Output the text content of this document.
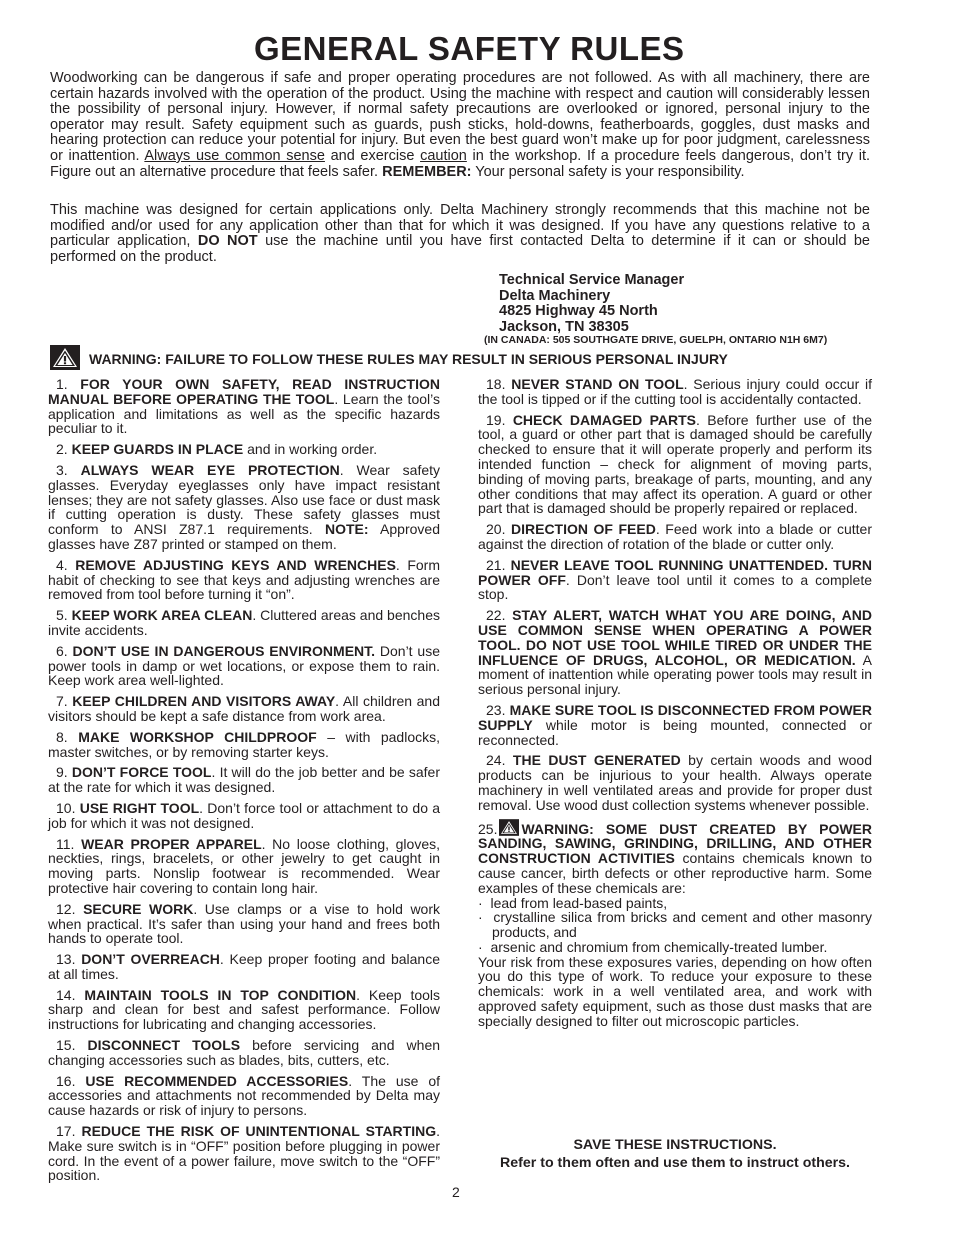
GENERAL SAFETY RULES

Woodworking can be dangerous if safe and proper operating procedures are not followed. As with all machinery, there are certain hazards involved with the operation of the product. Using the machine with respect and caution will considerably lessen the possibility of personal injury. However, if normal safety precautions are overlooked or ignored, personal injury to the operator may result. Safety equipment such as guards, push sticks, hold-downs, featherboards, goggles, dust masks and hearing protection can reduce your potential for injury. But even the best guard won’t make up for poor judgment, carelessness or inattention. Always use common sense and exercise caution in the workshop. If a procedure feels dangerous, don’t try it. Figure out an alternative procedure that feels safer. REMEMBER: Your personal safety is your responsibility.

This machine was designed for certain applications only. Delta Machinery strongly recommends that this machine not be modified and/or used for any application other than that for which it was designed. If you have any questions relative to a particular application, DO NOT use the machine until you have first contacted Delta to determine if it can or should be performed on the product.

Technical Service Manager
Delta Machinery
4825 Highway 45 North
Jackson, TN 38305
(IN CANADA: 505 SOUTHGATE DRIVE, GUELPH, ONTARIO N1H 6M7)
WARNING: FAILURE TO FOLLOW THESE RULES MAY RESULT IN SERIOUS PERSONAL INJURY

1. FOR YOUR OWN SAFETY, READ INSTRUCTION MANUAL BEFORE OPERATING THE TOOL. Learn the tool’s application and limitations as well as the specific hazards peculiar to it.

2. KEEP GUARDS IN PLACE and in working order.

3. ALWAYS WEAR EYE PROTECTION. Wear safety glasses. Everyday eyeglasses only have impact resistant lenses; they are not safety glasses. Also use face or dust mask if cutting operation is dusty. These safety glasses must conform to ANSI Z87.1 requirements. NOTE: Approved glasses have Z87 printed or stamped on them.

4. REMOVE ADJUSTING KEYS AND WRENCHES. Form habit of checking to see that keys and adjusting wrenches are removed from tool before turning it “on”.

5. KEEP WORK AREA CLEAN. Cluttered areas and benches invite accidents.

6. DON’T USE IN DANGEROUS ENVIRONMENT. Don’t use power tools in damp or wet locations, or expose them to rain. Keep work area well-lighted.

7. KEEP CHILDREN AND VISITORS AWAY. All children and visitors should be kept a safe distance from work area.

8. MAKE WORKSHOP CHILDPROOF – with padlocks, master switches, or by removing starter keys.

9. DON’T FORCE TOOL. It will do the job better and be safer at the rate for which it was designed.

10. USE RIGHT TOOL. Don’t force tool or attachment to do a job for which it was not designed.

11. WEAR PROPER APPAREL. No loose clothing, gloves, neckties, rings, bracelets, or other jewelry to get caught in moving parts. Nonslip footwear is recommended. Wear protective hair covering to contain long hair.

12. SECURE WORK. Use clamps or a vise to hold work when practical. It’s safer than using your hand and frees both hands to operate tool.

13. DON’T OVERREACH. Keep proper footing and balance at all times.

14. MAINTAIN TOOLS IN TOP CONDITION. Keep tools sharp and clean for best and safest performance. Follow instructions for lubricating and changing accessories.

15. DISCONNECT TOOLS before servicing and when changing accessories such as blades, bits, cutters, etc.

16. USE RECOMMENDED ACCESSORIES. The use of accessories and attachments not recommended by Delta may cause hazards or risk of injury to persons.

17. REDUCE THE RISK OF UNINTENTIONAL STARTING. Make sure switch is in “OFF” position before plugging in power cord. In the event of a power failure, move switch to the “OFF” position.

18. NEVER STAND ON TOOL. Serious injury could occur if the tool is tipped or if the cutting tool is accidentally contacted.

19. CHECK DAMAGED PARTS. Before further use of the tool, a guard or other part that is damaged should be carefully checked to ensure that it will operate properly and perform its intended function – check for alignment of moving parts, binding of moving parts, breakage of parts, mounting, and any other conditions that may affect its operation. A guard or other part that is damaged should be properly repaired or replaced.

20. DIRECTION OF FEED. Feed work into a blade or cutter against the direction of rotation of the blade or cutter only.

21. NEVER LEAVE TOOL RUNNING UNATTENDED. TURN POWER OFF. Don’t leave tool until it comes to a complete stop.

22. STAY ALERT, WATCH WHAT YOU ARE DOING, AND USE COMMON SENSE WHEN OPERATING A POWER TOOL. DO NOT USE TOOL WHILE TIRED OR UNDER THE INFLUENCE OF DRUGS, ALCOHOL, OR MEDICATION. A moment of inattention while operating power tools may result in serious personal injury.

23. MAKE SURE TOOL IS DISCONNECTED FROM POWER SUPPLY while motor is being mounted, connected or reconnected.

24. THE DUST GENERATED by certain woods and wood products can be injurious to your health. Always operate machinery in well ventilated areas and provide for proper dust removal. Use wood dust collection systems whenever possible.

25. WARNING: SOME DUST CREATED BY POWER SANDING, SAWING, GRINDING, DRILLING, AND OTHER CONSTRUCTION ACTIVITIES contains chemicals known to cause cancer, birth defects or other reproductive harm. Some examples of these chemicals are:
·  lead from lead-based paints,
·  crystalline silica from bricks and cement and other masonry products, and
·  arsenic and chromium from chemically-treated lumber.
Your risk from these exposures varies, depending on how often you do this type of work. To reduce your exposure to these chemicals: work in a well ventilated area, and work with approved safety equipment, such as those dust masks that are specially designed to filter out microscopic particles.

SAVE THESE INSTRUCTIONS.
Refer to them often and use them to instruct others.
2
